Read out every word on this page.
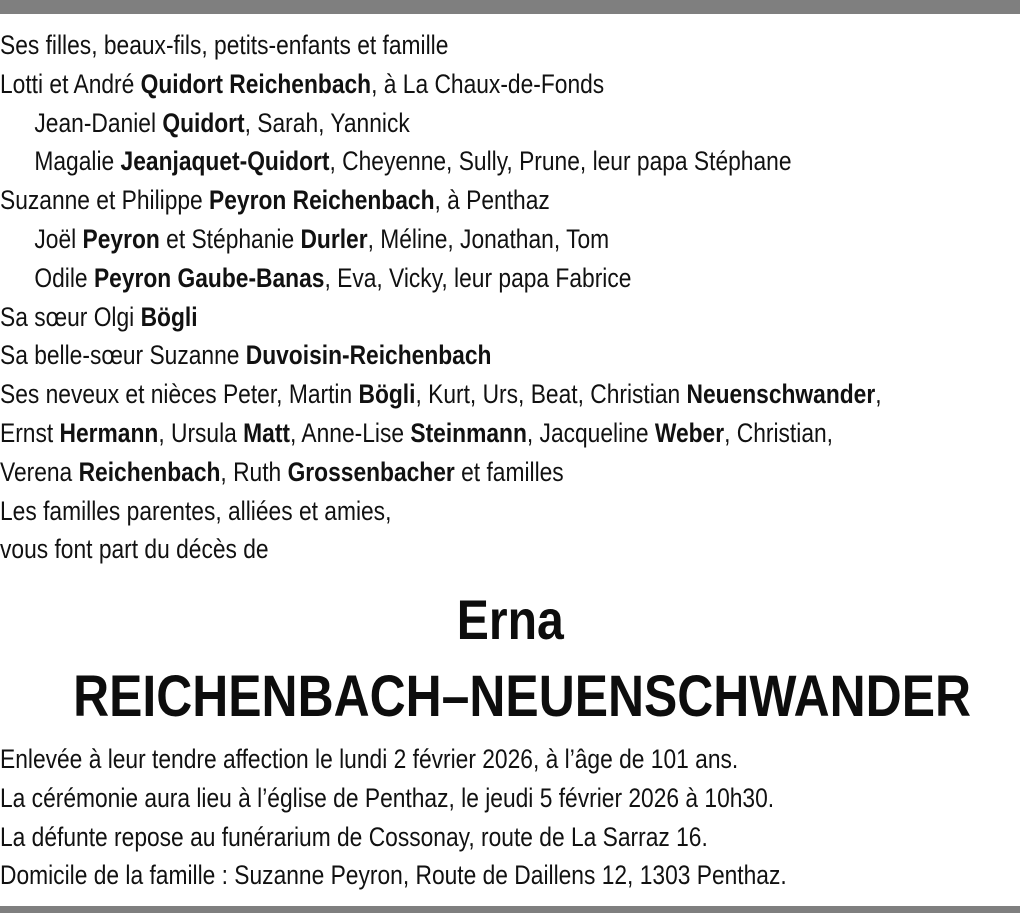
Ses filles, beaux-fils, petits-enfants et famille
Lotti et André Quidort Reichenbach, à La Chaux-de-Fonds
Jean-Daniel Quidort, Sarah, Yannick
Magalie Jeanjaquet-Quidort, Cheyenne, Sully, Prune, leur papa Stéphane
Suzanne et Philippe Peyron Reichenbach, à Penthaz
Joël Peyron et Stéphanie Durler, Méline, Jonathan, Tom
Odile Peyron Gaube-Banas, Eva, Vicky, leur papa Fabrice
Sa sœur Olgi Bögli
Sa belle-sœur Suzanne Duvoisin-Reichenbach
Ses neveux et nièces Peter, Martin Bögli, Kurt, Urs, Beat, Christian Neuenschwander,
Ernst Hermann, Ursula Matt, Anne-Lise Steinmann, Jacqueline Weber, Christian,
Verena Reichenbach, Ruth Grossenbacher et familles
Les familles parentes, alliées et amies,
vous font part du décès de
Erna
REICHENBACH–NEUENSCHWANDER
Enlevée à leur tendre affection le lundi 2 février 2026, à l’âge de 101 ans.
La cérémonie aura lieu à l’église de Penthaz, le jeudi 5 février 2026 à 10h30.
La défunte repose au funérarium de Cossonay, route de La Sarraz 16.
Domicile de la famille : Suzanne Peyron, Route de Daillens 12, 1303 Penthaz.
